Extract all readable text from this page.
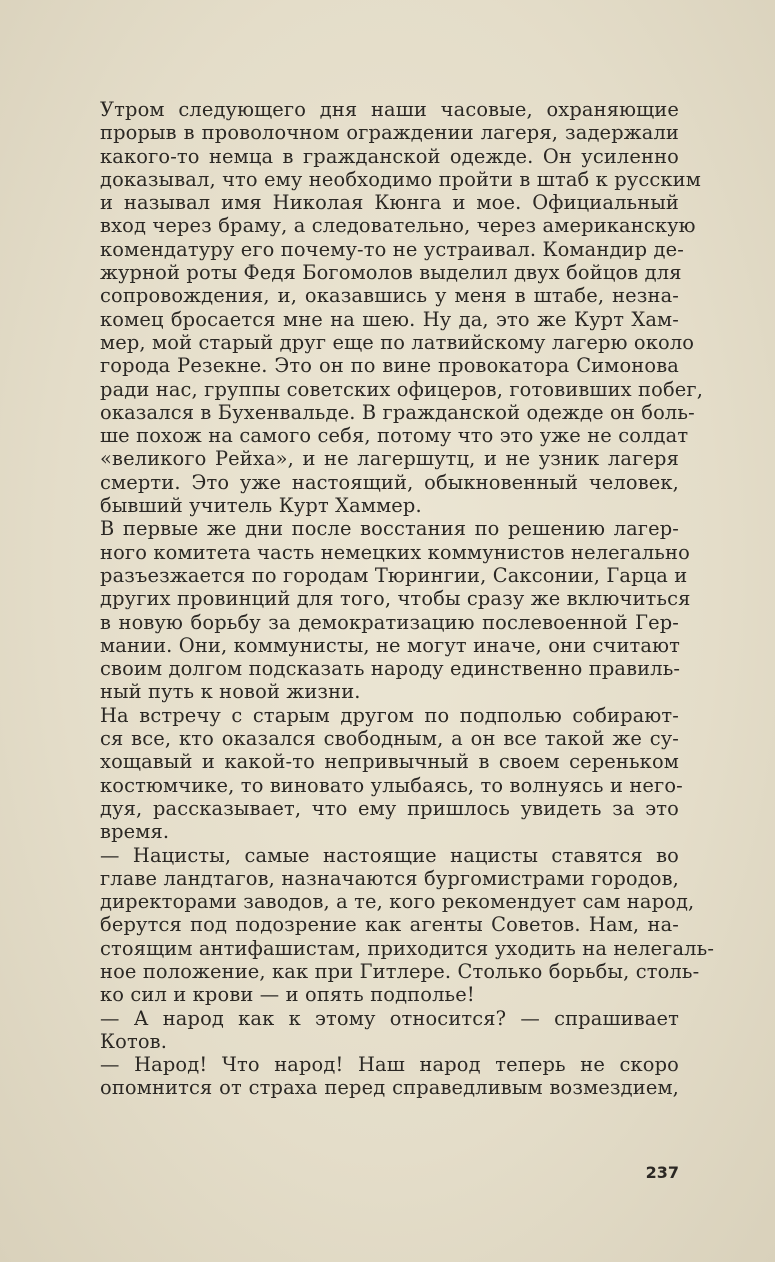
Утром следующего дня наши часовые, охраняющие
прорыв в проволочном ограждении лагеря, задержали
какого-то немца в гражданской одежде. Он усиленно
доказывал, что ему необходимо пройти в штаб к русским
и называл имя Николая Кюнга и мое. Официальный
вход через браму, а следовательно, через американскую
комендатуру его почему-то не устраивал. Командир де-
журной роты Федя Богомолов выделил двух бойцов для
сопровождения, и, оказавшись у меня в штабе, незна-
комец бросается мне на шею. Ну да, это же Курт Хам-
мер, мой старый друг еще по латвийскому лагерю около
города Резекне. Это он по вине провокатора Симонова
ради нас, группы советских офицеров, готовивших побег,
оказался в Бухенвальде. В гражданской одежде он боль-
ше похож на самого себя, потому что это уже не солдат
«великого Рейха», и не лагершутц, и не узник лагеря
смерти. Это уже настоящий, обыкновенный человек,
бывший учитель Курт Хаммер.

В первые же дни после восстания по решению лагер-
ного комитета часть немецких коммунистов нелегально
разъезжается по городам Тюрингии, Саксонии, Гарца и
других провинций для того, чтобы сразу же включиться
в новую борьбу за демократизацию послевоенной Гер-
мании. Они, коммунисты, не могут иначе, они считают
своим долгом подсказать народу единственно правиль-
ный путь к новой жизни.

На встречу с старым другом по подполью собирают-
ся все, кто оказался свободным, а он все такой же су-
хощавый и какой-то непривычный в своем сереньком
костюмчике, то виновато улыбаясь, то волнуясь и него-
дуя, рассказывает, что ему пришлось увидеть за это
время.

— Нацисты, самые настоящие нацисты ставятся во
главе ландтагов, назначаются бургомистрами городов,
директорами заводов, а те, кого рекомендует сам народ,
берутся под подозрение как агенты Советов. Нам, на-
стоящим антифашистам, приходится уходить на нелегаль-
ное положение, как при Гитлере. Столько борьбы, столь-
ко сил и крови — и опять подполье!

— А народ как к этому относится? — спрашивает
Котов.

— Народ! Что народ! Наш народ теперь не скоро
опомнится от страха перед справедливым возмездием,

237
